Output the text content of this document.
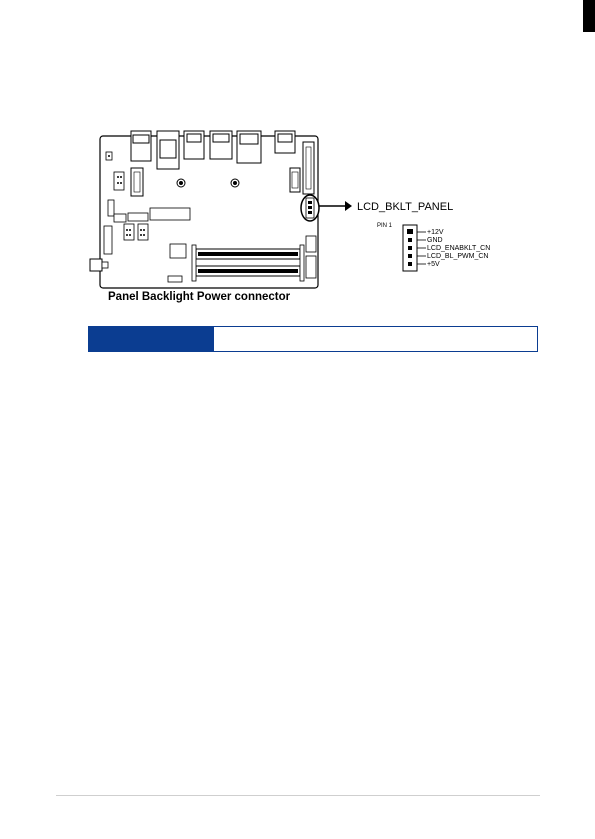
LCD_BKLT_PANEL
PIN 1
+12V
GND
LCD_ENABKLT_CN
LCD_BL_PWM_CN
+5V
Panel Backlight Power connector
